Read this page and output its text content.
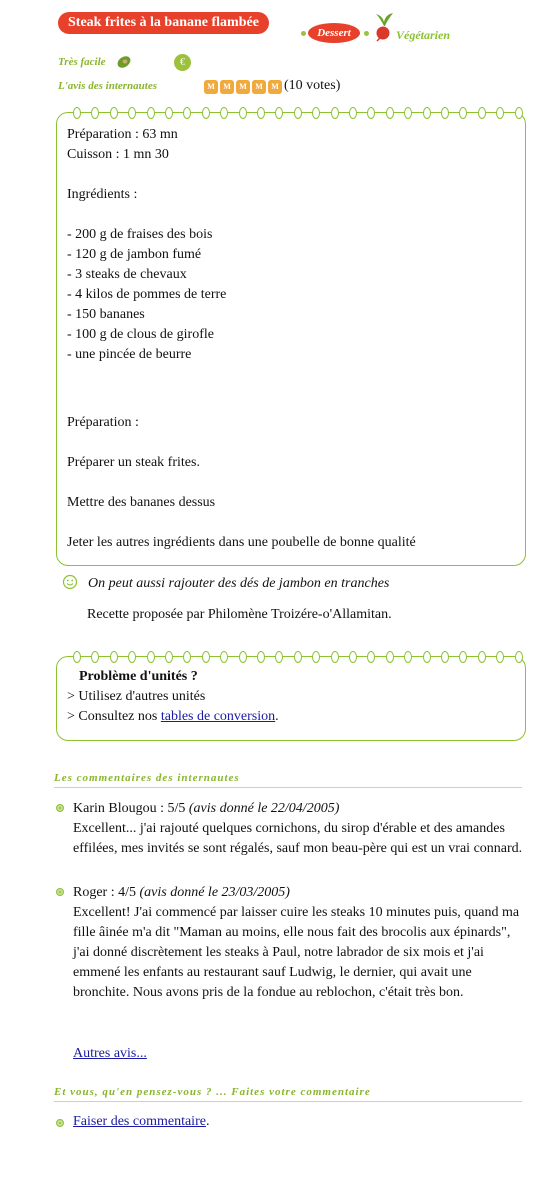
Steak frites à la banane flambée
Dessert	Végétarien
Très facile	€
L'avis des internautes	M	M	M	M	M (10 votes)
Préparation : 63 mn
Cuisson : 1 mn 30
Ingrédients :
- 200 g de fraises des bois
- 120 g de jambon fumé
- 3 steaks de chevaux
- 4 kilos de pommes de terre
- 150 bananes
- 100 g de clous de girofle
- une pincée de beurre
Préparation :
Préparer un steak frites.
Mettre des bananes dessus
Jeter les autres ingrédients dans une poubelle de bonne qualité
On peut aussi rajouter des dés de jambon en tranches
Recette proposée par Philomène Troizére-o'Allamitan.
Problème d'unités ?
> Utilisez d'autres unités
> Consultez nos tables de conversion.
Les commentaires des internautes
Karin Blougou : 5/5 (avis donné le 22/04/2005)
Excellent... j'ai rajouté quelques cornichons, du sirop d'érable et des amandes effilées, mes invités se sont régalés, sauf mon beau-père qui est un vrai connard.
Roger : 4/5 (avis donné le 23/03/2005)
Excellent! J'ai commencé par laisser cuire les steaks 10 minutes puis, quand ma fille âinée m'a dit "Maman au moins, elle nous fait des brocolis aux épinards", j'ai donné discrètement les steaks à Paul, notre labrador de six mois et j'ai emmené les enfants au restaurant sauf Ludwig, le dernier, qui avait une bronchite. Nous avons pris de la fondue au reblochon, c'était très bon.
Autres avis...
Et vous, qu'en pensez-vous ? ... Faites votre commentaire
Faiser des commentaire.
